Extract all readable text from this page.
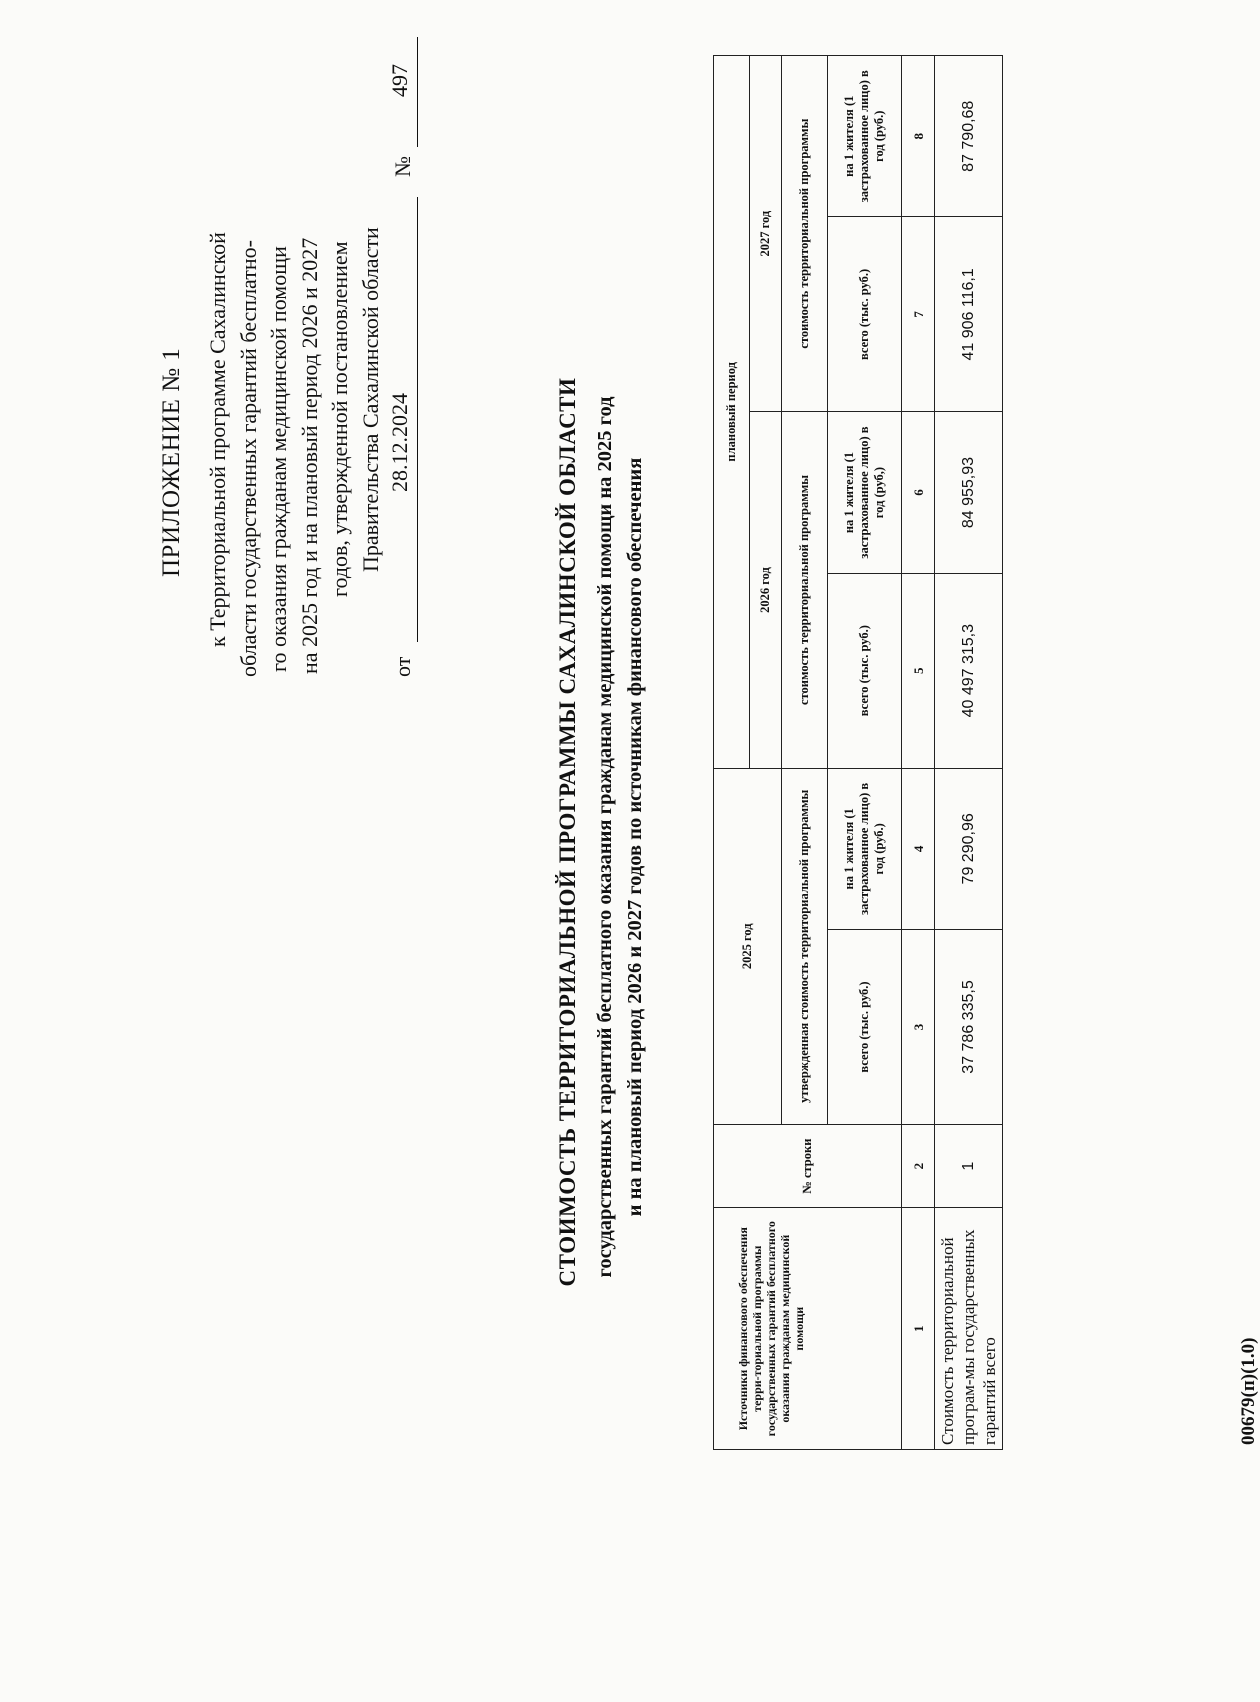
ПРИЛОЖЕНИЕ № 1 к Территориальной программе Сахалинской области государственных гарантий бесплатно- го оказания гражданам медицинской помощи на 2025 год и на плановый период 2026 и 2027 годов, утвержденной постановлением Правительства Сахалинской области
от
28.12.2024
№
497
СТОИМОСТЬ ТЕРРИТОРИАЛЬНОЙ ПРОГРАММЫ САХАЛИНСКОЙ ОБЛАСТИ государственных гарантий бесплатного оказания гражданам медицинской помощи на 2025 год и на плановый период 2026 и 2027 годов по источникам финансового обеспечения
Источники финансового обеспечения терри-ториальной программы государственных гарантий бесплатного оказания гражданам медицинской помощи	№ строки	2025 год		плановый период			
				2026 год		2027 год	
		утвержденная стоимость территориальной программы		стоимость территориальной программы		стоимость территориальной программы	
		всего (тыс. руб.)	на 1 жителя (1 застрахованное лицо) в год (руб.)	всего (тыс. руб.)	на 1 жителя (1 застрахованное лицо) в год (руб,)	всего (тыс. руб.)	на 1 жителя (1 застрахованное лицо) в год (руб.)
1	2	3	4	5	6	7	8
Стоимость территориальной програм-мы государственных гарантий всего	1	37 786 335,5	79 290,96	40 497 315,3	84 955,93	41 906 116,1	87 790,68
00679(п)(1.0)
